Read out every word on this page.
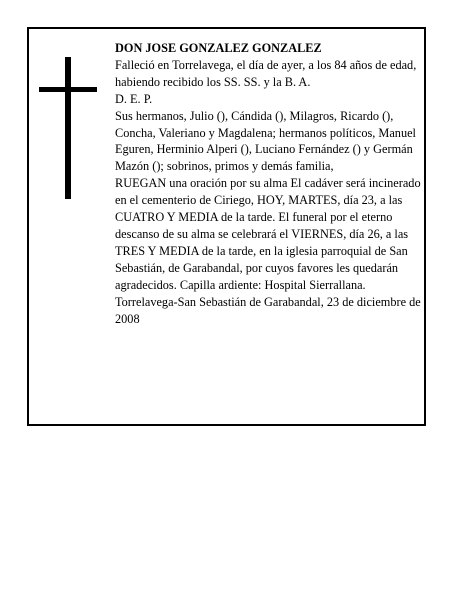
DON JOSE GONZALEZ GONZALEZ
Falleció en Torrelavega, el día de ayer, a los 84 años de edad,
habiendo recibido los SS. SS. y la B. A.
D. E. P.
Sus hermanos, Julio (), Cándida (), Milagros, Ricardo (), Concha, Valeriano y Magdalena; hermanos políticos, Manuel Eguren, Herminio Alperi (), Luciano Fernández () y Germán Mazón (); sobrinos, primos y demás familia,
RUEGAN una oración por su alma El cadáver será incinerado en el cementerio de Ciriego, HOY, MARTES, día 23, a las CUATRO Y MEDIA de la tarde. El funeral por el eterno descanso de su alma se celebrará el VIERNES, día 26, a las TRES Y MEDIA de la tarde, en la iglesia parroquial de San Sebastián, de Garabandal, por cuyos favores les quedarán agradecidos. Capilla ardiente: Hospital Sierrallana.
Torrelavega-San Sebastián de Garabandal, 23 de diciembre de 2008
